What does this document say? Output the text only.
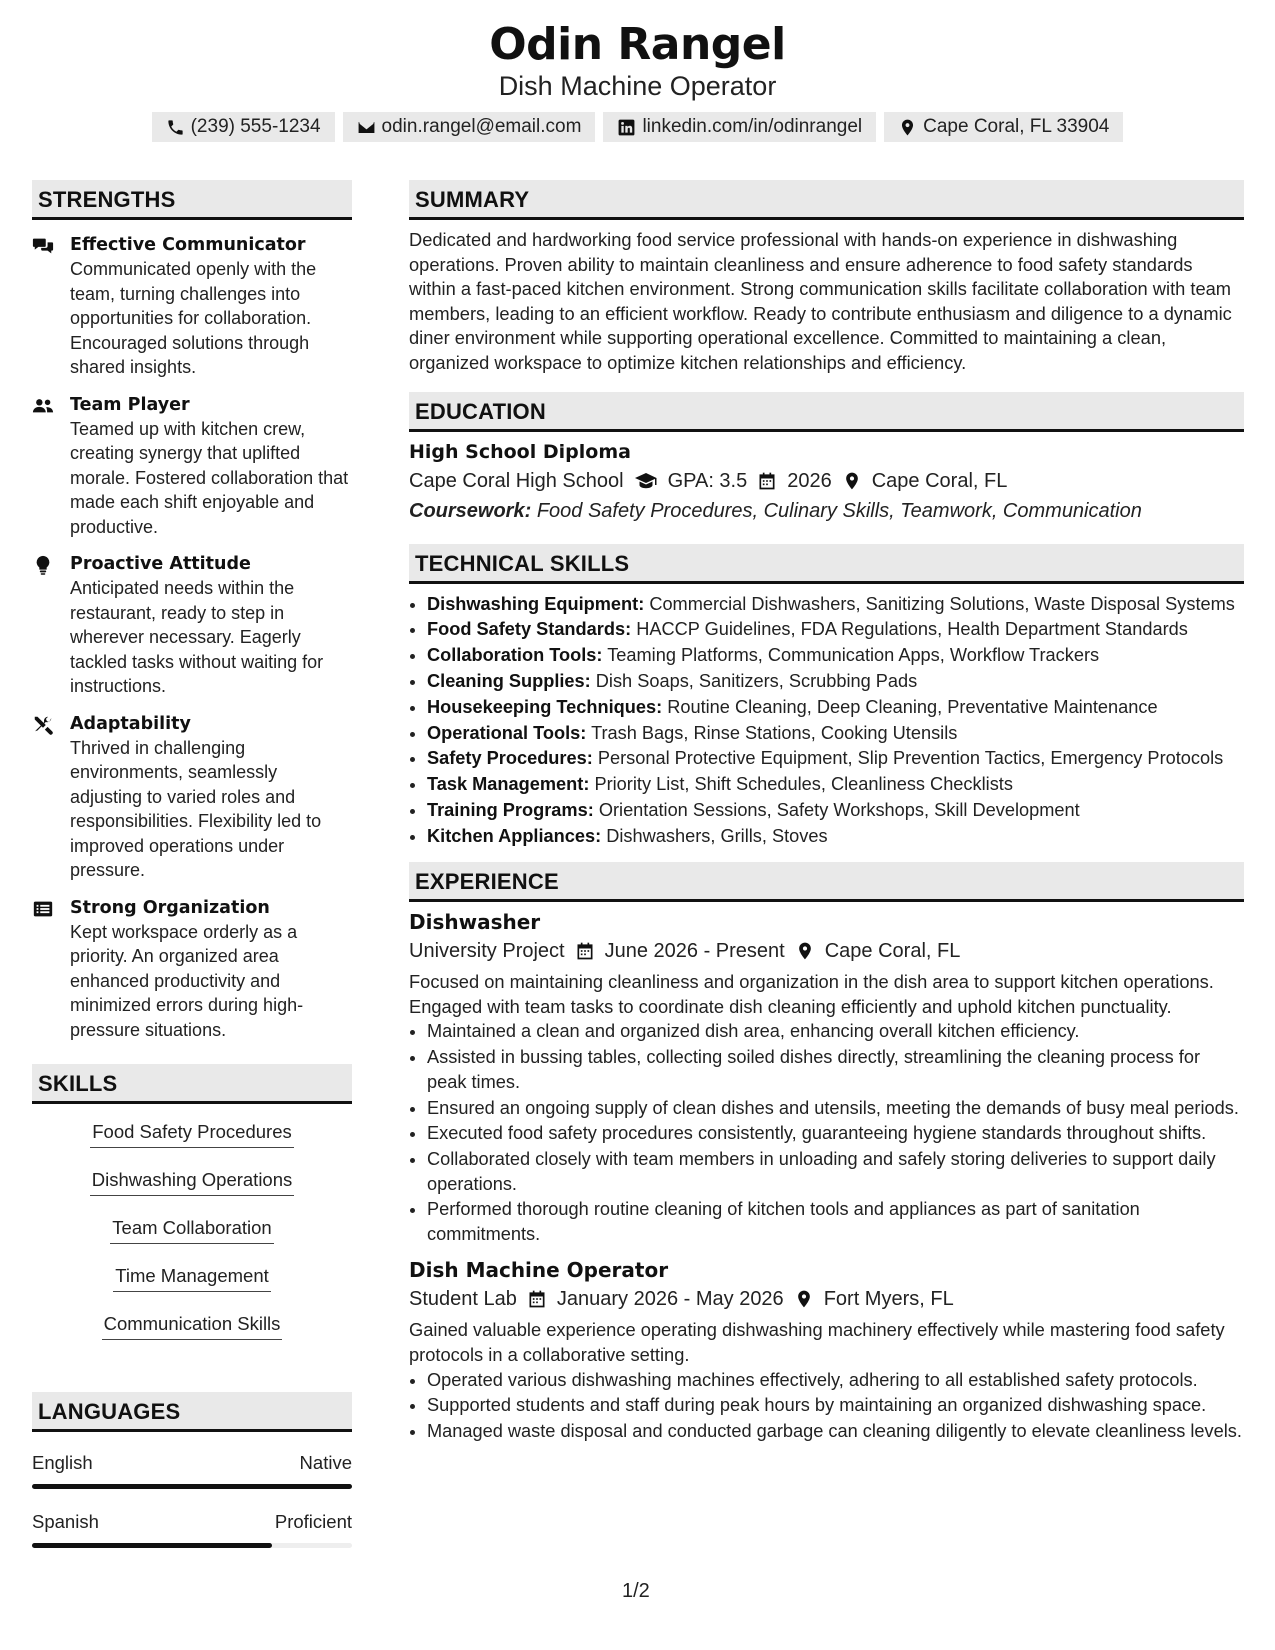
Odin Rangel
Dish Machine Operator
(239) 555-1234	odin.rangel@email.com	linkedin.com/in/odinrangel	Cape Coral, FL 33904
STRENGTHS
Effective Communicator
Communicated openly with the team, turning challenges into opportunities for collaboration. Encouraged solutions through shared insights.
Team Player
Teamed up with kitchen crew, creating synergy that uplifted morale. Fostered collaboration that made each shift enjoyable and productive.
Proactive Attitude
Anticipated needs within the restaurant, ready to step in wherever necessary. Eagerly tackled tasks without waiting for instructions.
Adaptability
Thrived in challenging environments, seamlessly adjusting to varied roles and responsibilities. Flexibility led to improved operations under pressure.
Strong Organization
Kept workspace orderly as a priority. An organized area enhanced productivity and minimized errors during high-pressure situations.
SKILLS
Food Safety Procedures
Dishwashing Operations
Team Collaboration
Time Management
Communication Skills
LANGUAGES
English	Native
Spanish	Proficient
SUMMARY
Dedicated and hardworking food service professional with hands-on experience in dishwashing operations. Proven ability to maintain cleanliness and ensure adherence to food safety standards within a fast-paced kitchen environment. Strong communication skills facilitate collaboration with team members, leading to an efficient workflow. Ready to contribute enthusiasm and diligence to a dynamic diner environment while supporting operational excellence. Committed to maintaining a clean, organized workspace to optimize kitchen relationships and efficiency.
EDUCATION
High School Diploma
Cape Coral High School GPA: 3.5 2026 Cape Coral, FL
Coursework: Food Safety Procedures, Culinary Skills, Teamwork, Communication
TECHNICAL SKILLS
• Dishwashing Equipment: Commercial Dishwashers, Sanitizing Solutions, Waste Disposal Systems
• Food Safety Standards: HACCP Guidelines, FDA Regulations, Health Department Standards
• Collaboration Tools: Teaming Platforms, Communication Apps, Workflow Trackers
• Cleaning Supplies: Dish Soaps, Sanitizers, Scrubbing Pads
• Housekeeping Techniques: Routine Cleaning, Deep Cleaning, Preventative Maintenance
• Operational Tools: Trash Bags, Rinse Stations, Cooking Utensils
• Safety Procedures: Personal Protective Equipment, Slip Prevention Tactics, Emergency Protocols
• Task Management: Priority List, Shift Schedules, Cleanliness Checklists
• Training Programs: Orientation Sessions, Safety Workshops, Skill Development
• Kitchen Appliances: Dishwashers, Grills, Stoves
EXPERIENCE
Dishwasher
University Project June 2026 - Present Cape Coral, FL
Focused on maintaining cleanliness and organization in the dish area to support kitchen operations. Engaged with team tasks to coordinate dish cleaning efficiently and uphold kitchen punctuality.
• Maintained a clean and organized dish area, enhancing overall kitchen efficiency.
• Assisted in bussing tables, collecting soiled dishes directly, streamlining the cleaning process for peak times.
• Ensured an ongoing supply of clean dishes and utensils, meeting the demands of busy meal periods.
• Executed food safety procedures consistently, guaranteeing hygiene standards throughout shifts.
• Collaborated closely with team members in unloading and safely storing deliveries to support daily operations.
• Performed thorough routine cleaning of kitchen tools and appliances as part of sanitation commitments.
Dish Machine Operator
Student Lab January 2026 - May 2026 Fort Myers, FL
Gained valuable experience operating dishwashing machinery effectively while mastering food safety protocols in a collaborative setting.
• Operated various dishwashing machines effectively, adhering to all established safety protocols.
• Supported students and staff during peak hours by maintaining an organized dishwashing space.
• Managed waste disposal and conducted garbage can cleaning diligently to elevate cleanliness levels.
1/2
